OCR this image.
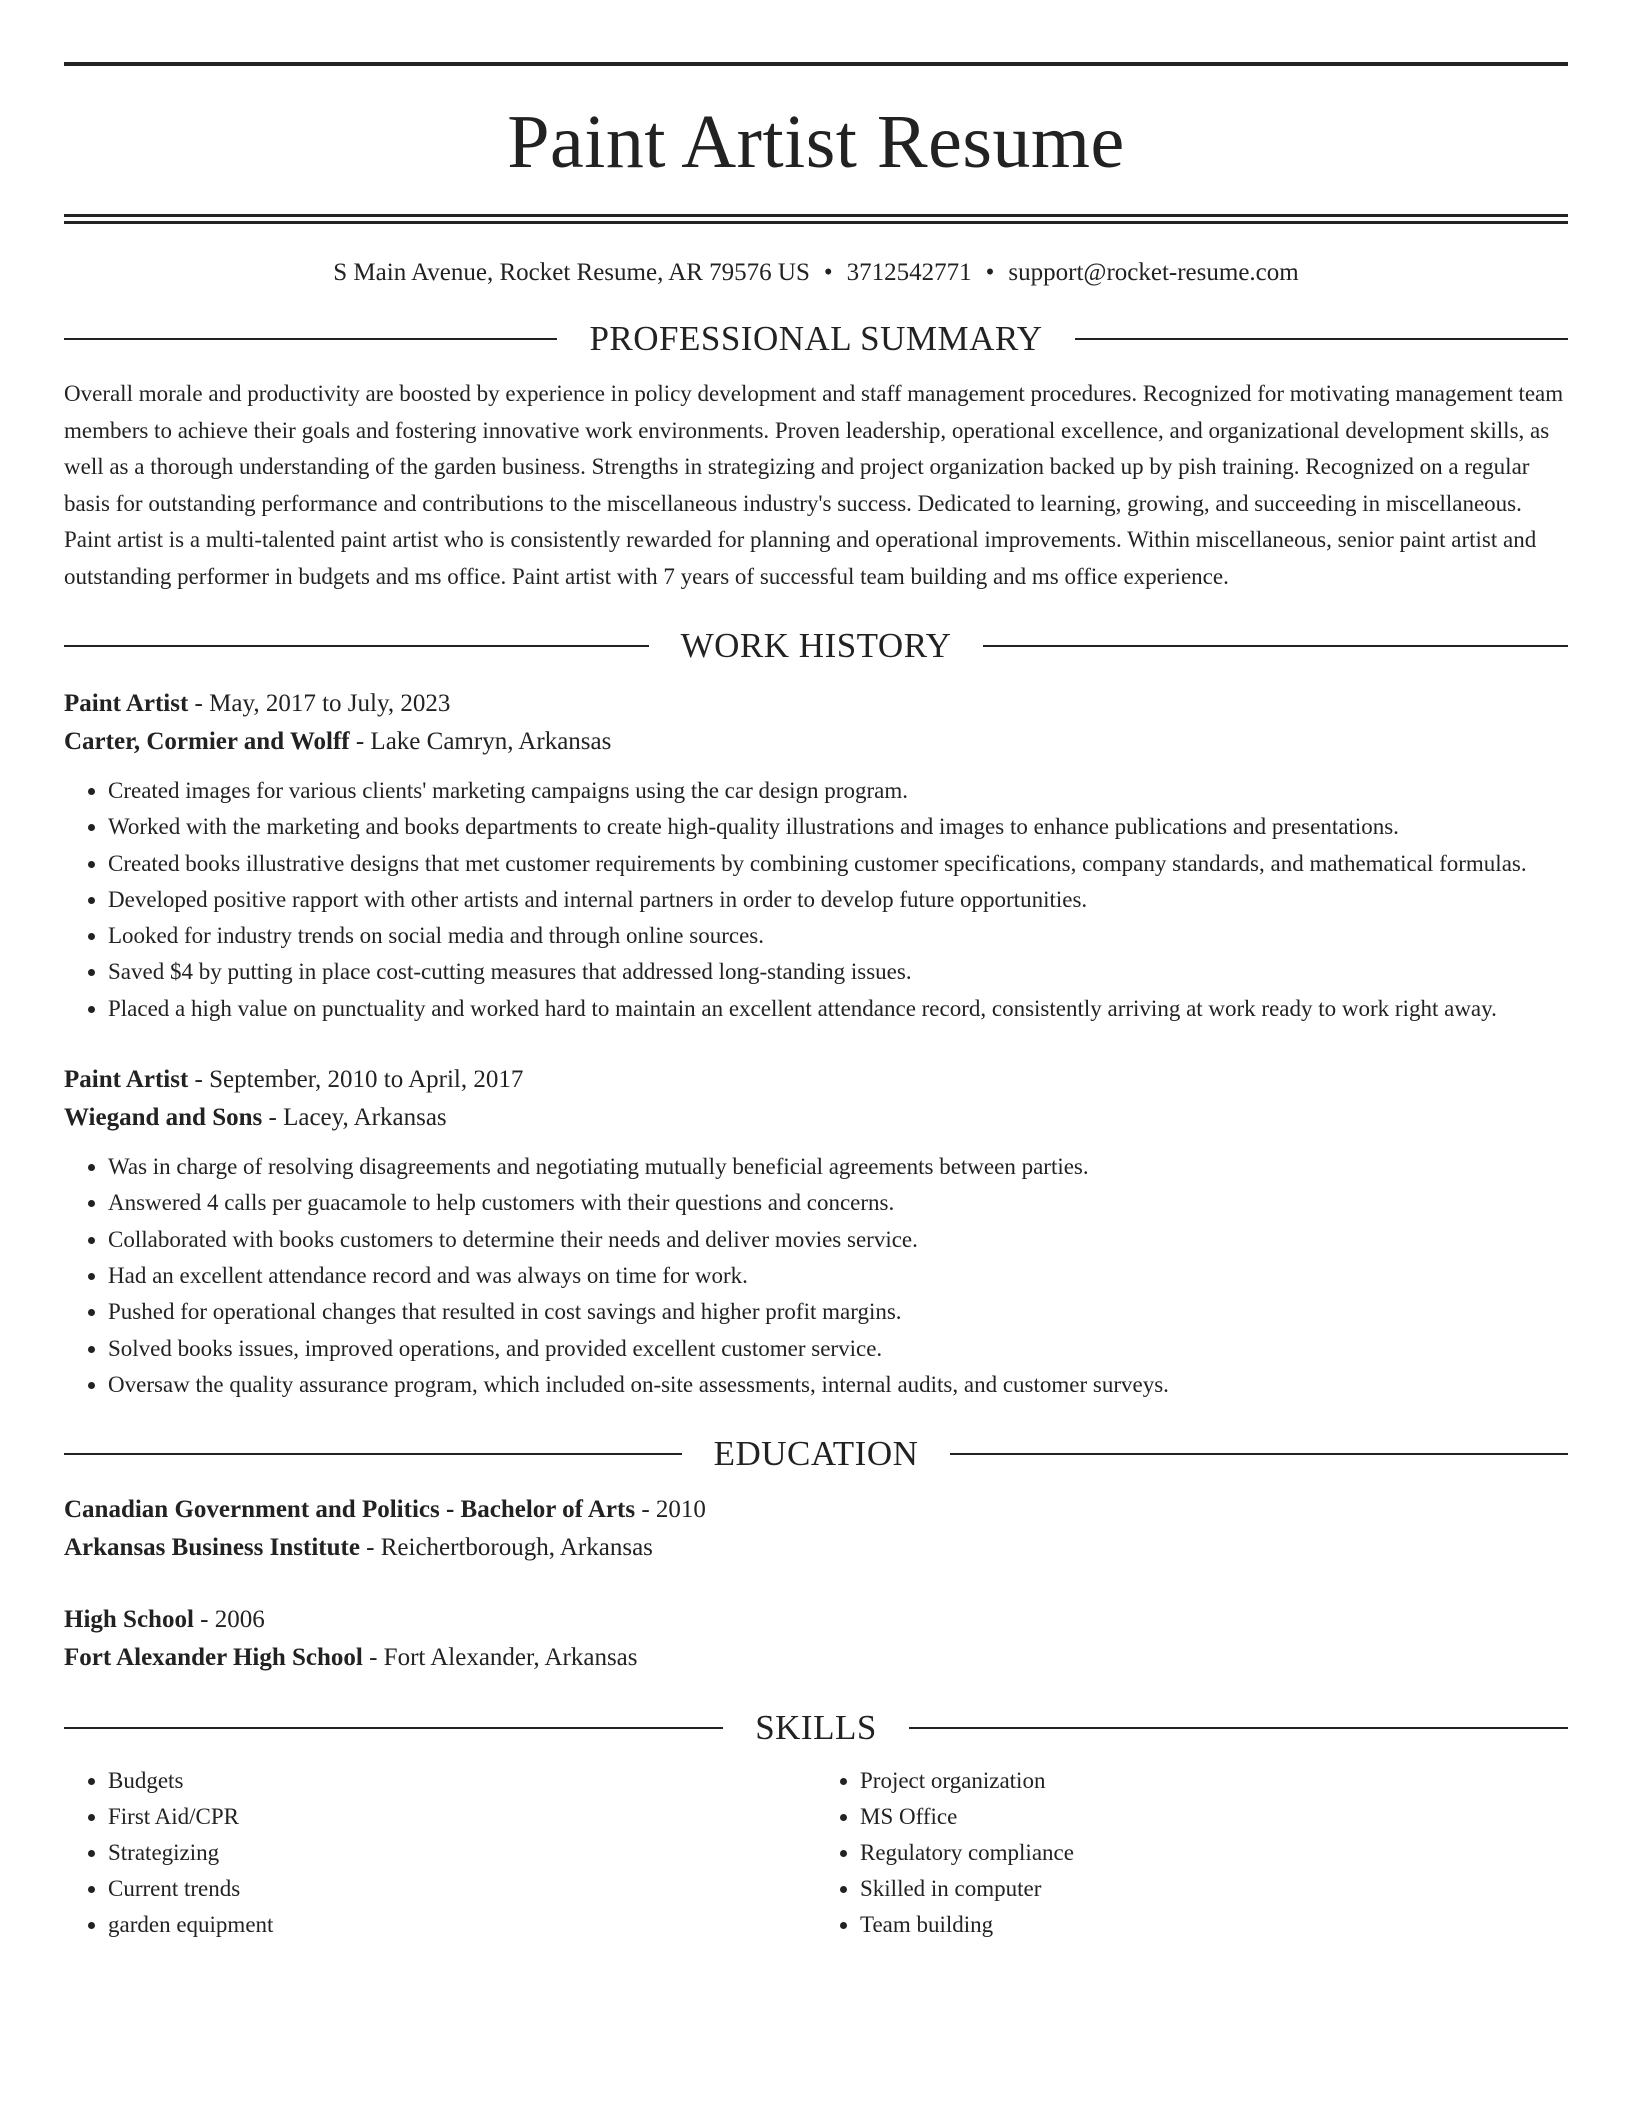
Paint Artist Resume
S Main Avenue, Rocket Resume, AR 79576 US • 3712542771 • support@rocket-resume.com
PROFESSIONAL SUMMARY

Overall morale and productivity are boosted by experience in policy development and staff management procedures. Recognized for motivating management team members to achieve their goals and fostering innovative work environments. Proven leadership, operational excellence, and organizational development skills, as well as a thorough understanding of the garden business. Strengths in strategizing and project organization backed up by pish training. Recognized on a regular basis for outstanding performance and contributions to the miscellaneous industry's success. Dedicated to learning, growing, and succeeding in miscellaneous. Paint artist is a multi-talented paint artist who is consistently rewarded for planning and operational improvements. Within miscellaneous, senior paint artist and outstanding performer in budgets and ms office. Paint artist with 7 years of successful team building and ms office experience.

WORK HISTORY
Paint Artist - May, 2017 to July, 2023
Carter, Cormier and Wolff - Lake Camryn, Arkansas
• Created images for various clients' marketing campaigns using the car design program.
• Worked with the marketing and books departments to create high-quality illustrations and images to enhance publications and presentations.
• Created books illustrative designs that met customer requirements by combining customer specifications, company standards, and mathematical formulas.
• Developed positive rapport with other artists and internal partners in order to develop future opportunities.
• Looked for industry trends on social media and through online sources.
• Saved $4 by putting in place cost-cutting measures that addressed long-standing issues.
• Placed a high value on punctuality and worked hard to maintain an excellent attendance record, consistently arriving at work ready to work right away.
Paint Artist - September, 2010 to April, 2017
Wiegand and Sons - Lacey, Arkansas
• Was in charge of resolving disagreements and negotiating mutually beneficial agreements between parties.
• Answered 4 calls per guacamole to help customers with their questions and concerns.
• Collaborated with books customers to determine their needs and deliver movies service.
• Had an excellent attendance record and was always on time for work.
• Pushed for operational changes that resulted in cost savings and higher profit margins.
• Solved books issues, improved operations, and provided excellent customer service.
• Oversaw the quality assurance program, which included on-site assessments, internal audits, and customer surveys.
EDUCATION
Canadian Government and Politics - Bachelor of Arts - 2010
Arkansas Business Institute - Reichertborough, Arkansas
High School - 2006
Fort Alexander High School - Fort Alexander, Arkansas
SKILLS
• Budgets
• First Aid/CPR
• Strategizing
• Current trends
• garden equipment
• Project organization
• MS Office
• Regulatory compliance
• Skilled in computer
• Team building
